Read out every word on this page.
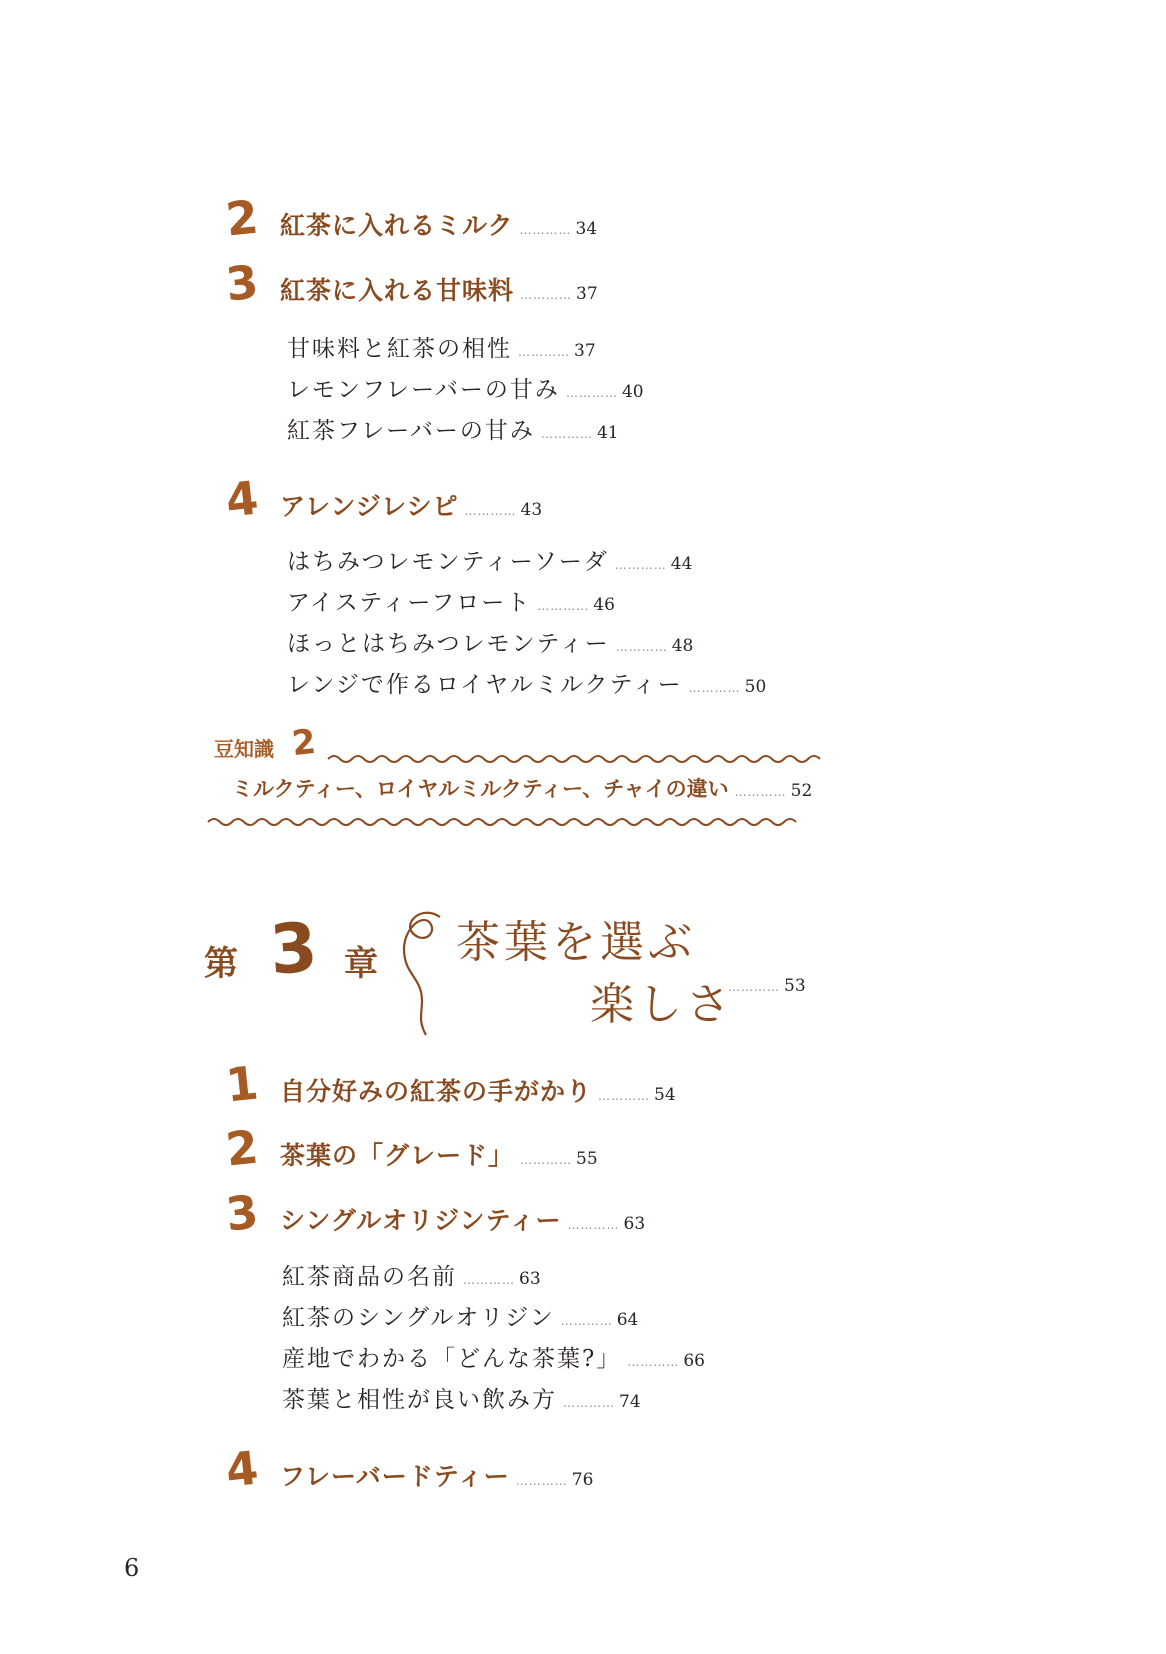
2 紅茶に入れるミルク ………… 34
3 紅茶に入れる甘味料 ………… 37
甘味料と紅茶の相性 ………… 37
レモンフレーバーの甘み ………… 40
紅茶フレーバーの甘み ………… 41
4 アレンジレシピ ………… 43
はちみつレモンティーソーダ ………… 44
アイスティーフロート ………… 46
ほっとはちみつレモンティー ………… 48
レンジで作るロイヤルミルクティー ………… 50
豆知識 2
ミルクティー、ロイヤルミルクティー、チャイの違い ………… 52
第 3 章 茶葉を選ぶ
楽しさ
………… 53
1 自分好みの紅茶の手がかり ………… 54
2 茶葉の「グレード」 ………… 55
3 シングルオリジンティー ………… 63
紅茶商品の名前 ………… 63
紅茶のシングルオリジン ………… 64
産地でわかる「どんな茶葉?」 ………… 66
茶葉と相性が良い飲み方 ………… 74
4 フレーバードティー ………… 76
6
